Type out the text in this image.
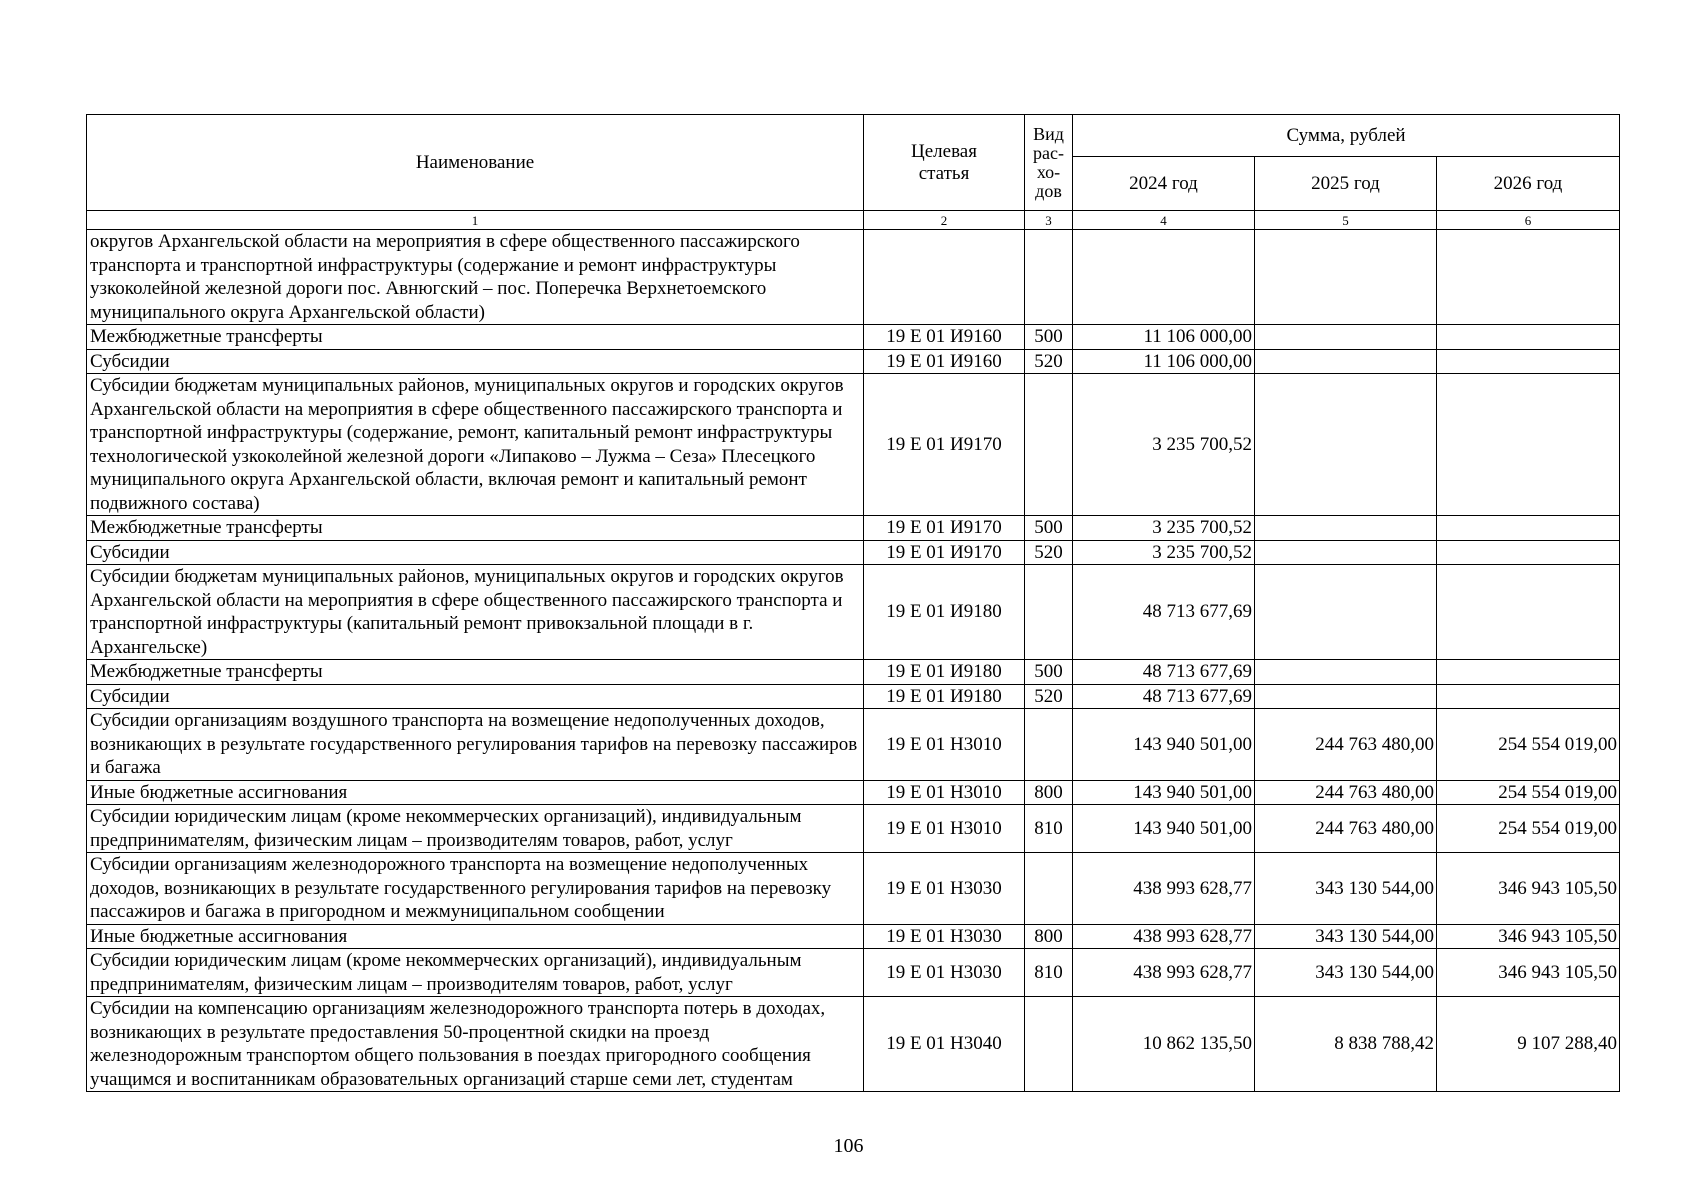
Наименование	Целевая статья	Вид
рас-
хо-
дов	Сумма, рублей		
			2024 год	2025 год	2026 год
1	2	3	4	5	6
округов Архангельской области на мероприятия в сфере общественного пассажирского транспорта и транспортной инфраструктуры (содержание и ремонт инфраструктуры узкоколейной железной дороги пос. Авнюгский – пос. Поперечка Верхнетоемского муниципального округа Архангельской области)					
Межбюджетные трансферты	19 Е 01 И9160	500	11 106 000,00		
Субсидии	19 Е 01 И9160	520	11 106 000,00		
Субсидии бюджетам муниципальных районов, муниципальных округов и городских округов Архангельской области на мероприятия в сфере общественного пассажирского транспорта и транспортной инфраструктуры (содержание, ремонт, капитальный ремонт инфраструктуры технологической узкоколейной железной дороги «Липаково – Лужма – Сеза» Плесецкого муниципального округа Архангельской области, включая ремонт и капитальный ремонт подвижного состава)	19 Е 01 И9170		3 235 700,52		
Межбюджетные трансферты	19 Е 01 И9170	500	3 235 700,52		
Субсидии	19 Е 01 И9170	520	3 235 700,52		
Субсидии бюджетам муниципальных районов, муниципальных округов и городских округов Архангельской области на мероприятия в сфере общественного пассажирского транспорта и транспортной инфраструктуры (капитальный ремонт привокзальной площади в г. Архангельске)	19 Е 01 И9180		48 713 677,69		
Межбюджетные трансферты	19 Е 01 И9180	500	48 713 677,69		
Субсидии	19 Е 01 И9180	520	48 713 677,69		
Субсидии организациям воздушного транспорта на возмещение недополученных доходов, возникающих в результате государственного регулирования тарифов на перевозку пассажиров и багажа	19 Е 01 Н3010		143 940 501,00	244 763 480,00	254 554 019,00
Иные бюджетные ассигнования	19 Е 01 Н3010	800	143 940 501,00	244 763 480,00	254 554 019,00
Субсидии юридическим лицам (кроме некоммерческих организаций), индивидуальным предпринимателям, физическим лицам – производителям товаров, работ, услуг	19 Е 01 Н3010	810	143 940 501,00	244 763 480,00	254 554 019,00
Субсидии организациям железнодорожного транспорта на возмещение недополученных доходов, возникающих в результате государственного регулирования тарифов на перевозку пассажиров и багажа в пригородном и межмуниципальном сообщении	19 Е 01 Н3030		438 993 628,77	343 130 544,00	346 943 105,50
Иные бюджетные ассигнования	19 Е 01 Н3030	800	438 993 628,77	343 130 544,00	346 943 105,50
Субсидии юридическим лицам (кроме некоммерческих организаций), индивидуальным предпринимателям, физическим лицам – производителям товаров, работ, услуг	19 Е 01 Н3030	810	438 993 628,77	343 130 544,00	346 943 105,50
Субсидии на компенсацию организациям железнодорожного транспорта потерь в доходах, возникающих в результате предоставления 50-процентной скидки на проезд железнодорожным транспортом общего пользования в поездах пригородного сообщения учащимся и воспитанникам образовательных организаций старше семи лет, студентам	19 Е 01 Н3040		10 862 135,50	8 838 788,42	9 107 288,40
106
